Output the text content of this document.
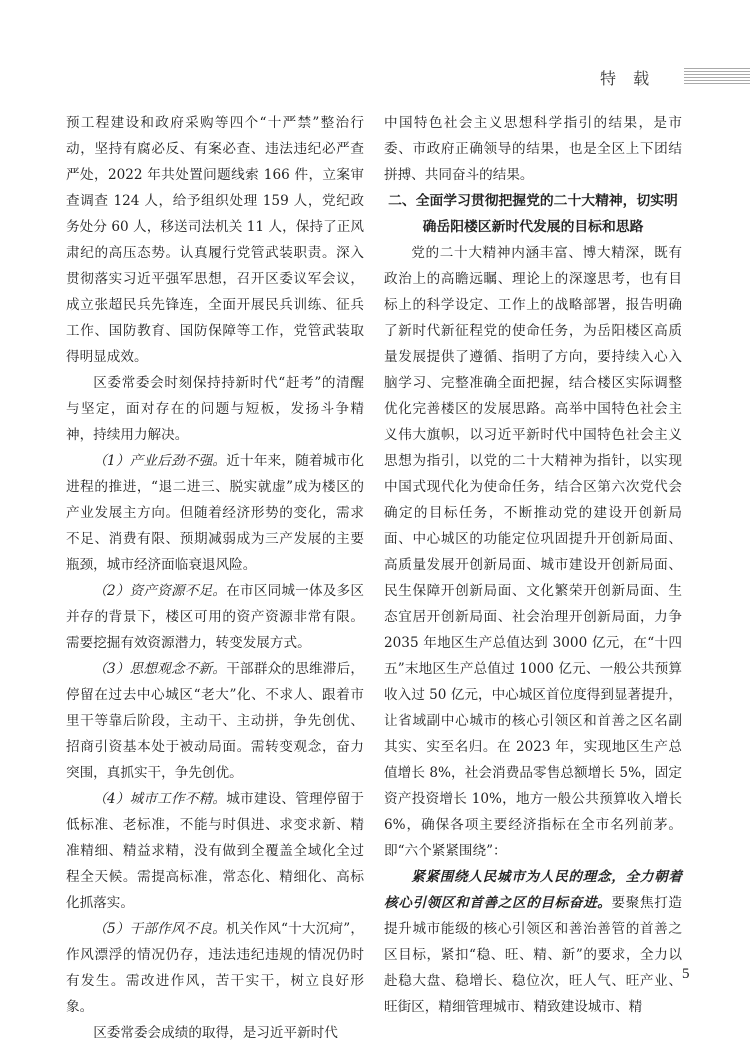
特 载

预工程建设和政府采购等四个“十严禁”整治行动，坚持有腐必反、有案必查、违法违纪必严查严处，2022 年共处置问题线索 166 件，立案审查调查 124 人，给予组织处理 159 人，党纪政务处分 60 人，移送司法机关 11 人，保持了正风肃纪的高压态势。认真履行党管武装职责。深入贯彻落实习近平强军思想，召开区委议军会议，成立张超民兵先锋连，全面开展民兵训练、征兵工作、国防教育、国防保障等工作，党管武装取得明显成效。

区委常委会时刻保持持新时代“赶考”的清醒与坚定，面对存在的问题与短板，发扬斗争精神，持续用力解决。

（1）产业后劲不强。近十年来，随着城市化进程的推进，“退二进三、脱实就虚”成为楼区的产业发展主方向。但随着经济形势的变化，需求不足、消费有限、预期减弱成为三产发展的主要瓶颈，城市经济面临衰退风险。

（2）资产资源不足。在市区同城一体及多区并存的背景下，楼区可用的资产资源非常有限。需要挖掘有效资源潜力，转变发展方式。

（3）思想观念不新。干部群众的思维滞后，停留在过去中心城区“老大”化、不求人、跟着市里干等靠后阶段，主动干、主动拼，争先创优、招商引资基本处于被动局面。需转变观念，奋力突围，真抓实干，争先创优。

（4）城市工作不精。城市建设、管理停留于低标准、老标准，不能与时俱进、求变求新、精准精细、精益求精，没有做到全覆盖全域化全过程全天候。需提高标准，常态化、精细化、高标化抓落实。

（5）干部作风不良。机关作风“十大沉疴”，作风漂浮的情况仍存，违法违纪违规的情况仍时有发生。需改进作风，苦干实干，树立良好形象。

区委常委会成绩的取得，是习近平新时代

中国特色社会主义思想科学指引的结果，是市委、市政府正确领导的结果，也是全区上下团结拼搏、共同奋斗的结果。

二、全面学习贯彻把握党的二十大精神，切实明确岳阳楼区新时代发展的目标和思路

党的二十大精神内涵丰富、博大精深，既有政治上的高瞻远瞩、理论上的深邃思考，也有目标上的科学设定、工作上的战略部署，报告明确了新时代新征程党的使命任务，为岳阳楼区高质量发展提供了遵循、指明了方向，要持续入心入脑学习、完整准确全面把握，结合楼区实际调整优化完善楼区的发展思路。高举中国特色社会主义伟大旗帜，以习近平新时代中国特色社会主义思想为指引，以党的二十大精神为指针，以实现中国式现代化为使命任务，结合区第六次党代会确定的目标任务，不断推动党的建设开创新局面、中心城区的功能定位巩固提升开创新局面、高质量发展开创新局面、城市建设开创新局面、民生保障开创新局面、文化繁荣开创新局面、生态宜居开创新局面、社会治理开创新局面，力争 2035 年地区生产总值达到 3000 亿元，在“十四五”末地区生产总值过 1000 亿元、一般公共预算收入过 50 亿元，中心城区首位度得到显著提升，让省域副中心城市的核心引领区和首善之区名副其实、实至名归。在 2023 年，实现地区生产总值增长 8%，社会消费品零售总额增长 5%，固定资产投资增长 10%，地方一般公共预算收入增长 6%，确保各项主要经济指标在全市名列前茅。即“六个紧紧围绕”：

紧紧围绕人民城市为人民的理念，全力朝着核心引领区和首善之区的目标奋进。要聚焦打造提升城市能级的核心引领区和善治善管的首善之区目标，紧扣“稳、旺、精、新”的要求，全力以赴稳大盘、稳增长、稳位次，旺人气、旺产业、旺街区，精细管理城市、精致建设城市、精

5
